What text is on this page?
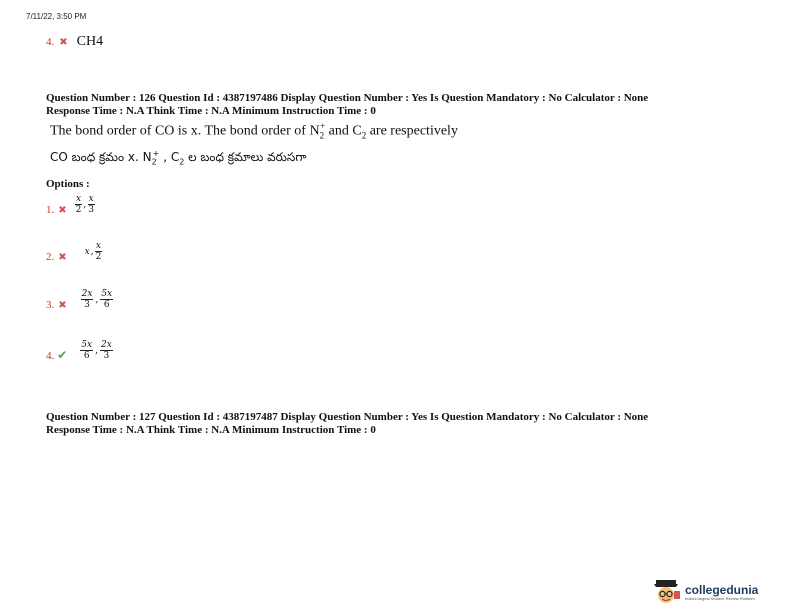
7/11/22, 3:50 PM
4. ✖ CH4
Question Number : 126 Question Id : 4387197486 Display Question Number : Yes Is Question Mandatory : No Calculator : None
Response Time : N.A Think Time : N.A Minimum Instruction Time : 0
The bond order of CO is x. The bond order of $N_2^+$ and $C_2$ are respectively
CO బంధ క్రమం x. $N_2^+$ , $C_2$ ల బంధ క్రమాలు వరుసగా
Options :
1. ✖ $\frac{x}{2}$ , $\frac{x}{3}$
2. ✖
x , $\frac{x}{2}$
3. ✖ $\frac{2x}{3}$ , $\frac{5x}{6}$
4. ✔ $\frac{5x}{6}$ , $\frac{2x}{3}$
Question Number : 127 Question Id : 4387197487 Display Question Number : Yes Is Question Mandatory : No Calculator : None
Response Time : N.A Think Time : N.A Minimum Instruction Time : 0
collegedunia
India's largest Student Review Platform
